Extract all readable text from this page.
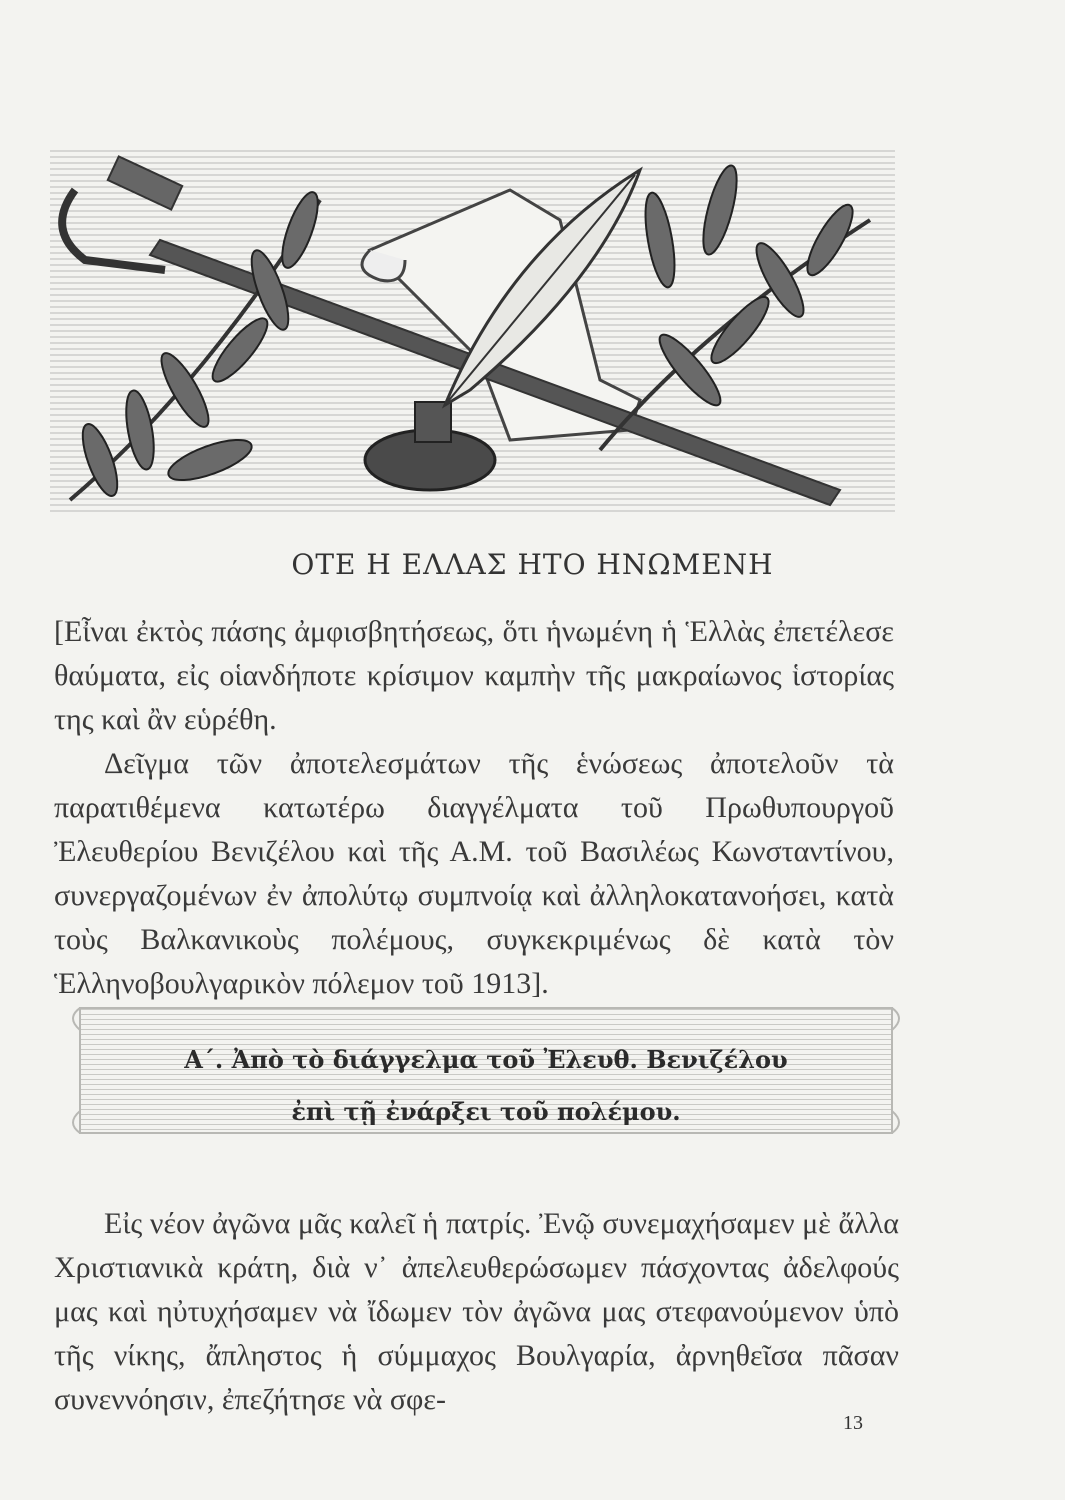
ΟΤΕ Η ΕΛΛΑΣ ΗΤΟ ΗΝΩΜΕΝΗ

[Εἶναι ἐκτὸς πάσης ἀμφισβητήσεως, ὅτι ἡνωμένη ἡ Ἑλλὰς ἐπετέλεσε θαύματα, εἰς οἱανδήποτε κρίσιμον καμπὴν τῆς μακραίωνος ἱστορίας της καὶ ἂν εὑρέθη.

Δεῖγμα τῶν ἀποτελεσμάτων τῆς ἑνώσεως ἀποτελοῦν τὰ παρατιθέμενα κατωτέρω διαγγέλματα τοῦ Πρωθυπουργοῦ Ἐλευθερίου Βενιζέλου καὶ τῆς Α.Μ. τοῦ Βασιλέως Κωνσταντίνου, συνεργαζομένων ἐν ἀπολύτῳ συμπνοίᾳ καὶ ἀλληλοκατανοήσει, κατὰ τοὺς Βαλκανικοὺς πολέμους, συγκεκριμένως δὲ κατὰ τὸν Ἑλληνοβουλγαρικὸν πόλεμον τοῦ 1913].

Α΄. Ἀπὸ τὸ διάγγελμα τοῦ Ἐλευθ. Βενιζέλου
ἐπὶ τῇ ἐνάρξει τοῦ πολέμου.
Εἰς νέον ἀγῶνα μᾶς καλεῖ ἡ πατρίς. Ἐνῷ συνεμαχήσαμεν μὲ ἄλλα Χριστιανικὰ κράτη, διὰ ν᾽ ἀπελευθερώσωμεν πάσχοντας ἀδελφούς μας καὶ ηὐτυχήσαμεν νὰ ἴδωμεν τὸν ἀγῶνα μας στεφανούμενον ὑπὸ τῆς νίκης, ἄπληστος ἡ σύμμαχος Βουλγαρία, ἀρνηθεῖσα πᾶσαν συνεννόησιν, ἐπεζήτησε νὰ σφε-
13
